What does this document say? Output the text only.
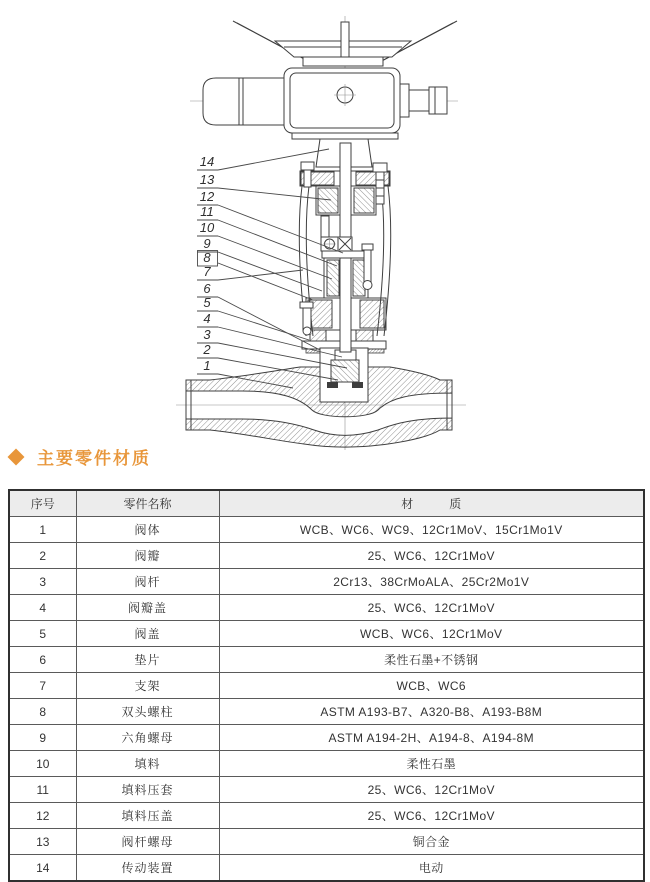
14
13
12
11
10
9
8
7
6
5
4
3
2
1
主要零件材质
序号	零件名称	材　　　质
1	阀体	WCB、WC6、WC9、12Cr1MoV、15Cr1Mo1V
2	阀瓣	25、WC6、12Cr1MoV
3	阀杆	2Cr13、38CrMoALA、25Cr2Mo1V
4	阀瓣盖	25、WC6、12Cr1MoV
5	阀盖	WCB、WC6、12Cr1MoV
6	垫片	柔性石墨+不锈钢
7	支架	WCB、WC6
8	双头螺柱	ASTM A193-B7、A320-B8、A193-B8M
9	六角螺母	ASTM A194-2H、A194-8、A194-8M
10	填料	柔性石墨
11	填料压套	25、WC6、12Cr1MoV
12	填料压盖	25、WC6、12Cr1MoV
13	阀杆螺母	铜合金
14	传动装置	电动
